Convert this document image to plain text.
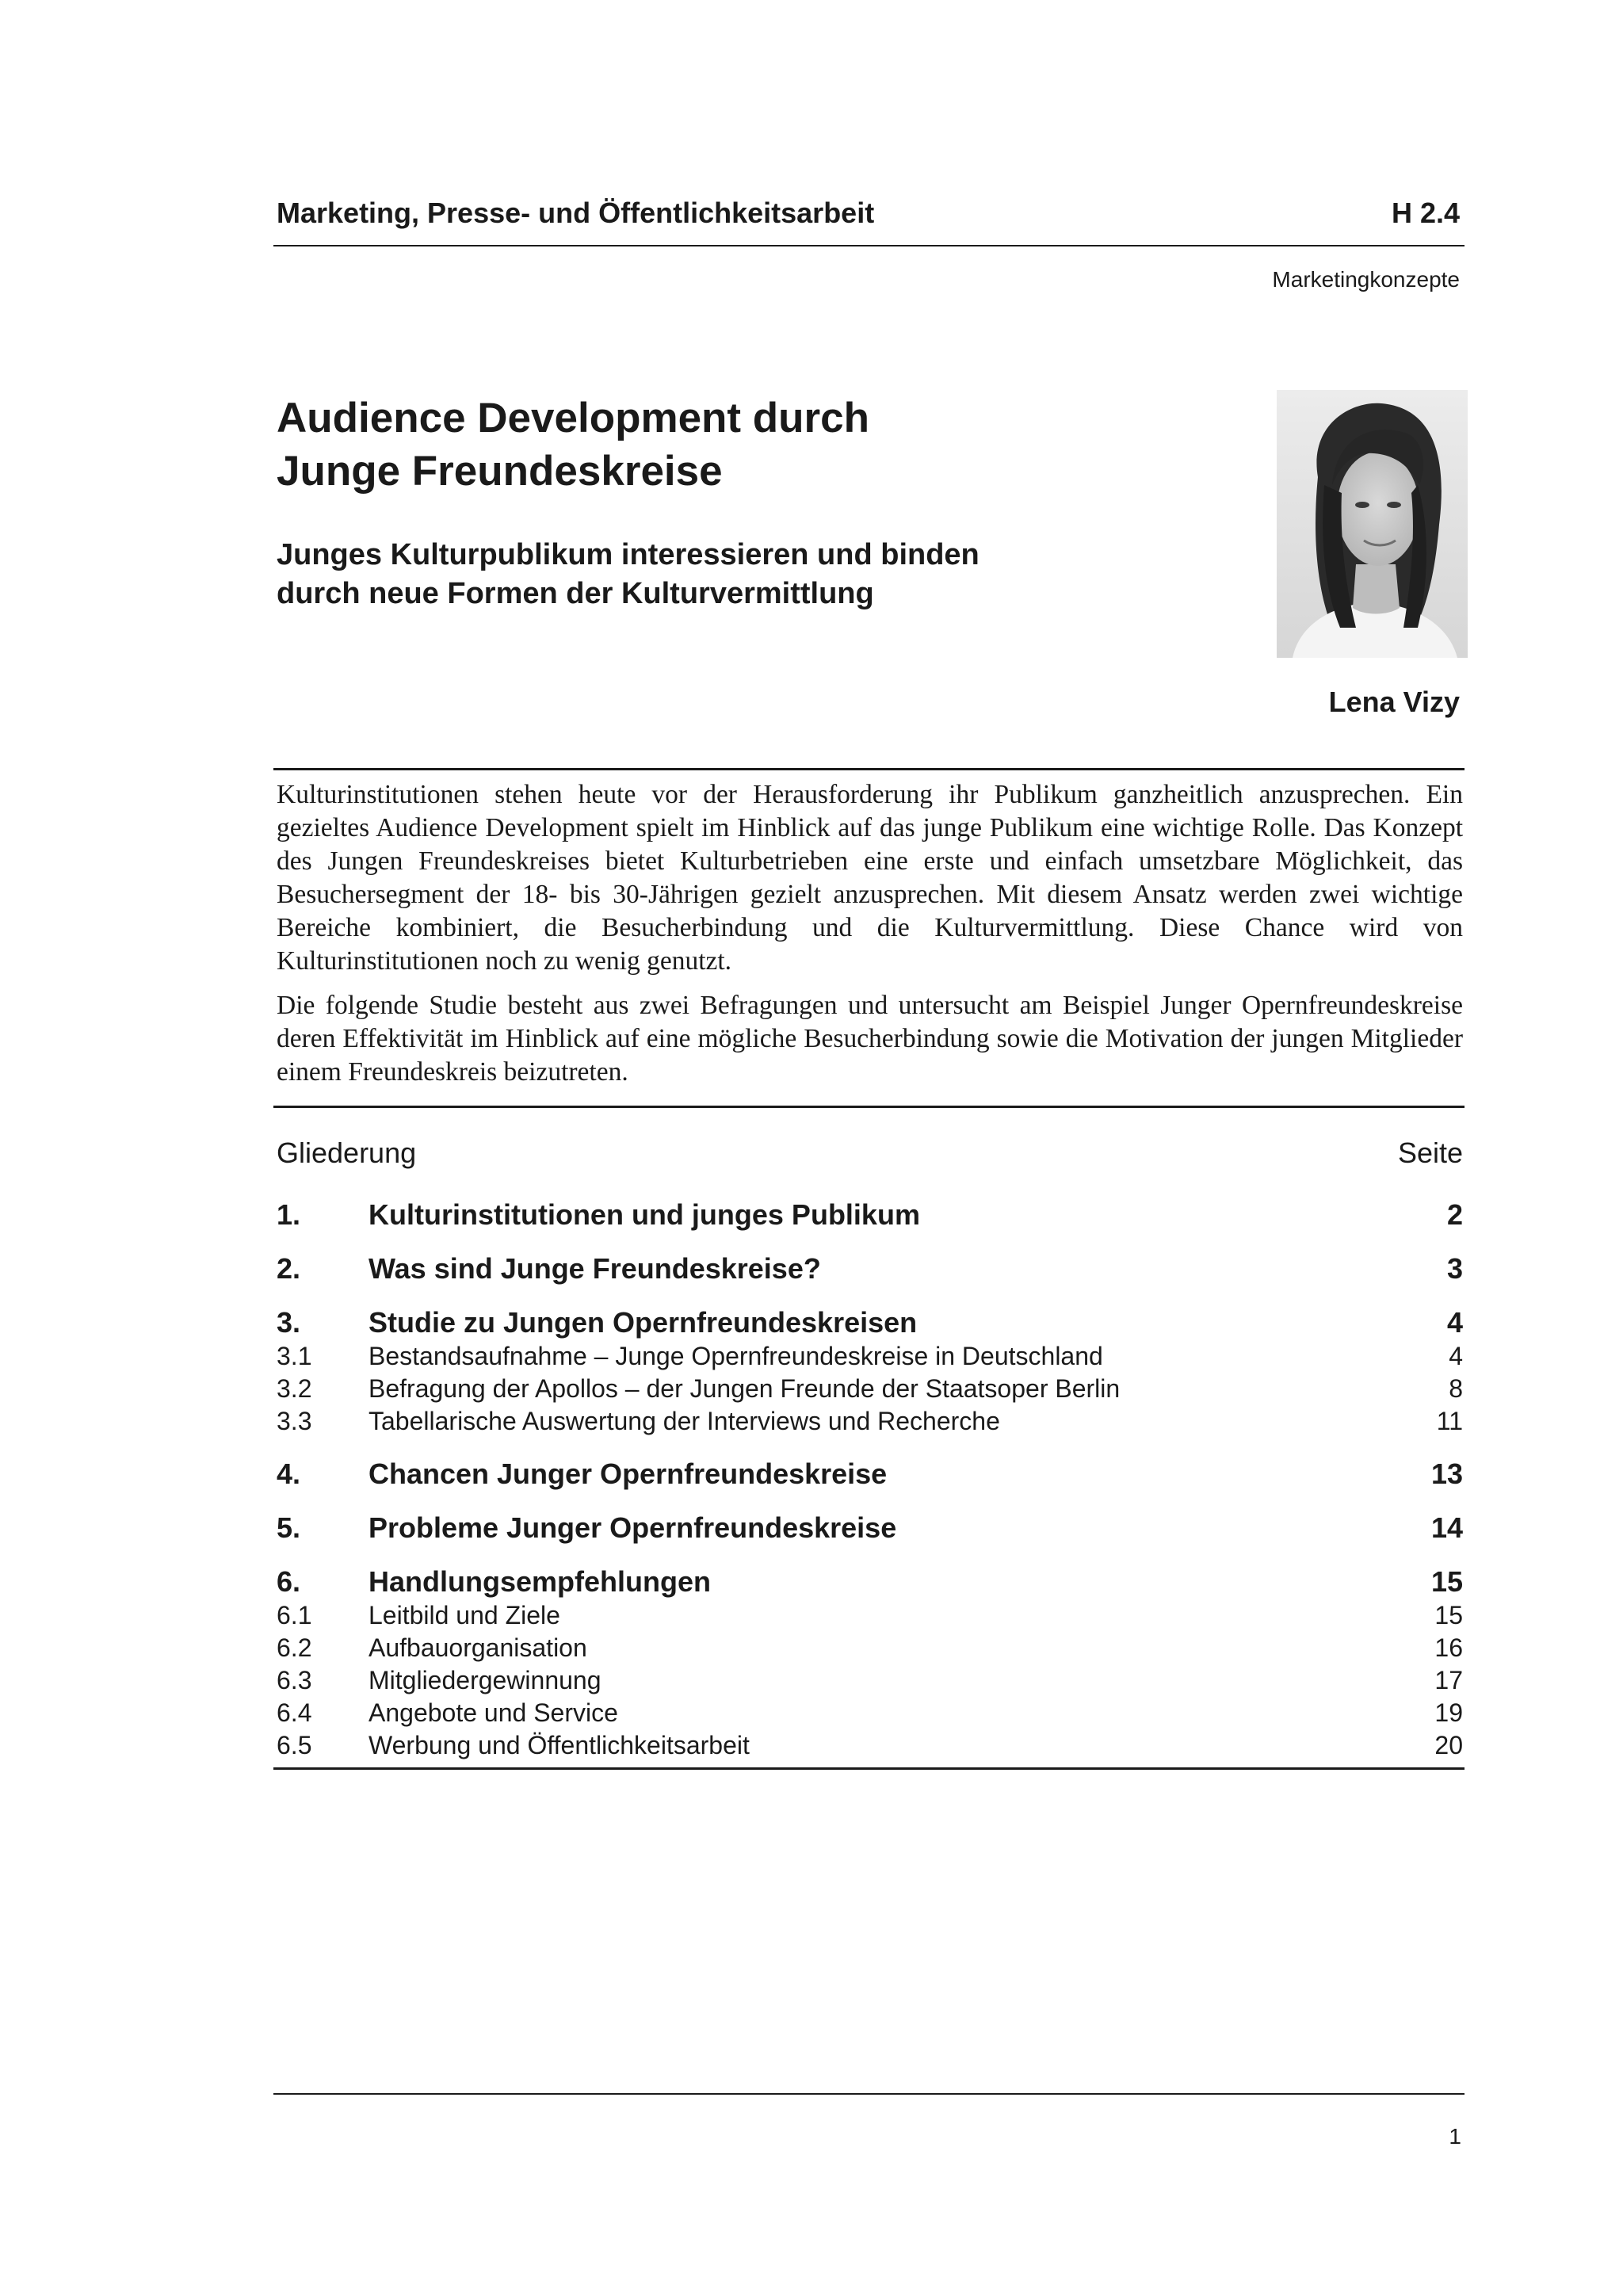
Marketing, Presse- und Öffentlichkeitsarbeit	H 2.4
Marketingkonzepte
Audience Development durch
Junge Freundeskreise
Junges Kulturpublikum interessieren und binden
durch neue Formen der Kulturvermittlung
Lena Vizy

Kulturinstitutionen stehen heute vor der Herausforderung ihr Publikum ganzheitlich anzusprechen. Ein gezieltes Audience Development spielt im Hinblick auf das junge Publikum eine wichtige Rolle. Das Konzept des Jungen Freundeskreises bietet Kulturbetrieben eine erste und einfach umsetzbare Möglichkeit, das Besuchersegment der 18- bis 30-Jährigen gezielt anzusprechen. Mit diesem Ansatz werden zwei wichtige Bereiche kombiniert, die Besucherbindung und die Kulturvermittlung. Diese Chance wird von Kulturinstitutionen noch zu wenig genutzt.

Die folgende Studie besteht aus zwei Befragungen und untersucht am Beispiel Junger Opernfreundeskreise deren Effektivität im Hinblick auf eine mögliche Besucherbindung sowie die Motivation der jungen Mitglieder einem Freundeskreis beizutreten.

Gliederung	Seite
1. Kulturinstitutionen und junges Publikum	2
2. Was sind Junge Freundeskreise?	3
3. Studie zu Jungen Opernfreundeskreisen	4
3.1 Bestandsaufnahme – Junge Opernfreundeskreise in Deutschland	4
3.2 Befragung der Apollos – der Jungen Freunde der Staatsoper Berlin	8
3.3 Tabellarische Auswertung der Interviews und Recherche	11
4. Chancen Junger Opernfreundeskreise	13
5. Probleme Junger Opernfreundeskreise	14
6. Handlungsempfehlungen	15
6.1 Leitbild und Ziele	15
6.2 Aufbauorganisation	16
6.3 Mitgliedergewinnung	17
6.4 Angebote und Service	19
6.5 Werbung und Öffentlichkeitsarbeit	20
1
